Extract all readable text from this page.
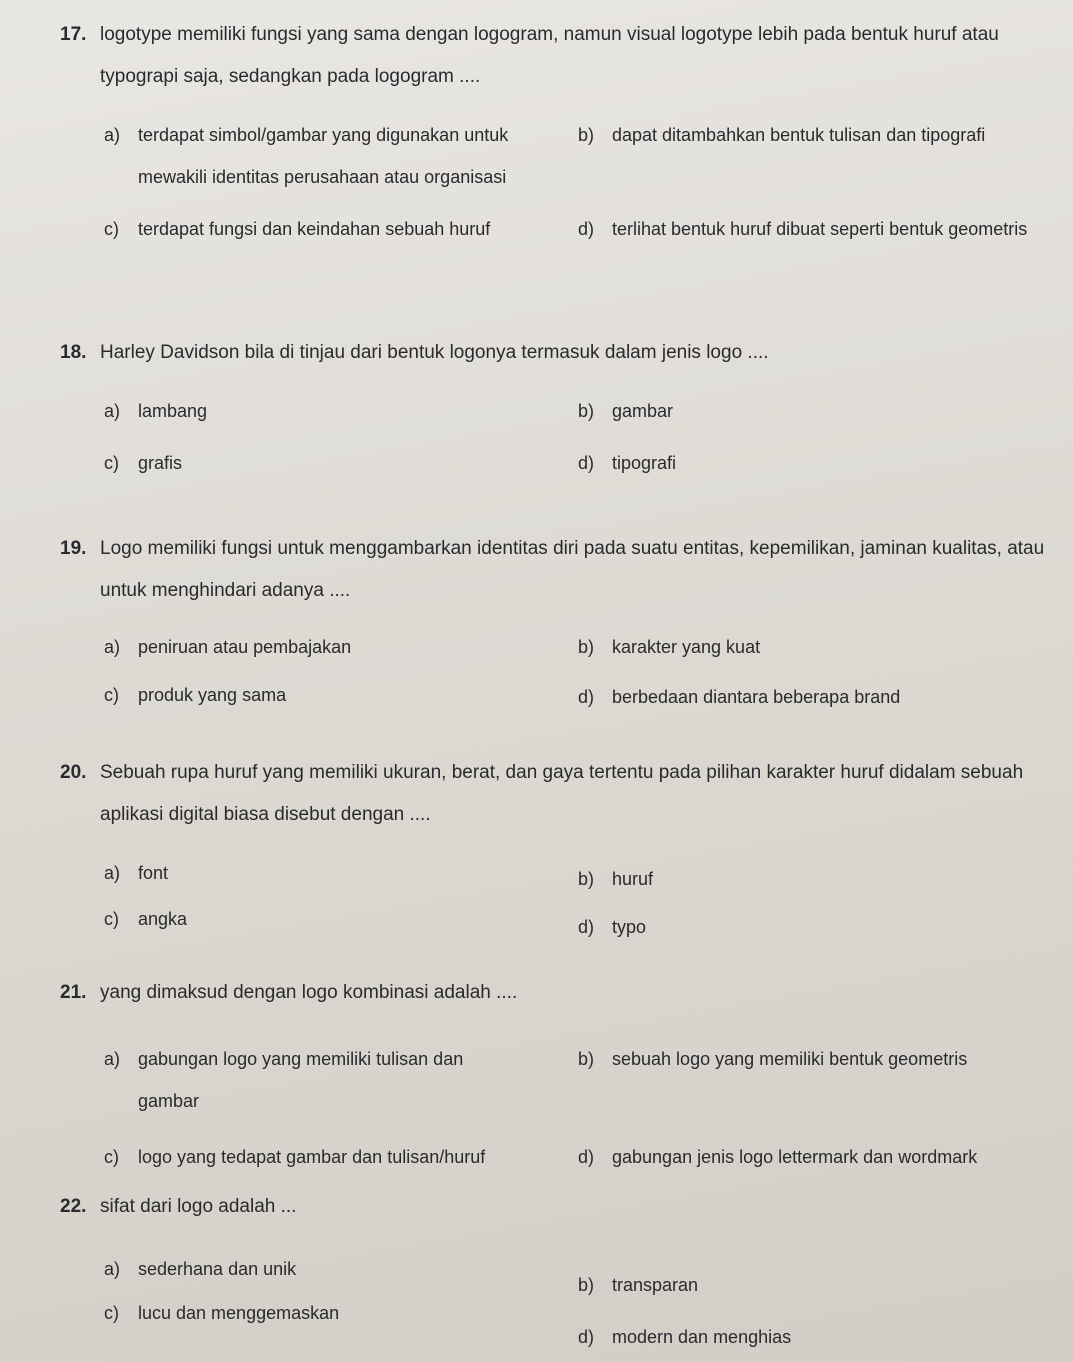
17. logotype memiliki fungsi yang sama dengan logogram, namun visual logotype lebih pada bentuk huruf atau typograpi saja, sedangkan pada logogram ....
a) terdapat simbol/gambar yang digunakan untuk mewakili identitas perusahaan atau organisasi
b) dapat ditambahkan bentuk tulisan dan tipografi
c)	terdapat fungsi dan keindahan sebuah huruf	d) terlihat bentuk huruf dibuat seperti bentuk geometris
18. Harley Davidson bila di tinjau dari bentuk logonya termasuk dalam jenis logo ....
a) lambang	b) gambar
c)	grafis	d) tipografi
19. Logo memiliki fungsi untuk menggambarkan identitas diri pada suatu entitas, kepemilikan, jaminan kualitas, atau untuk menghindari adanya ....
a) peniruan atau pembajakan	b) karakter yang kuat
c)	produk yang sama	d) berbedaan diantara beberapa brand
20. Sebuah rupa huruf yang memiliki ukuran, berat, dan gaya tertentu pada pilihan karakter huruf didalam sebuah aplikasi digital biasa disebut dengan ....
a) font	b) huruf
c)	angka	d) typo
21. yang dimaksud dengan logo kombinasi adalah ....
a) gabungan logo yang memiliki tulisan dan gambar
b) sebuah logo yang memiliki bentuk geometris
c)	logo yang tedapat gambar dan tulisan/huruf	d) gabungan jenis logo lettermark dan wordmark
22. sifat dari logo adalah ...
a) sederhana dan unik
b) transparan
c)	lucu dan menggemaskan
d) modern dan menghias
